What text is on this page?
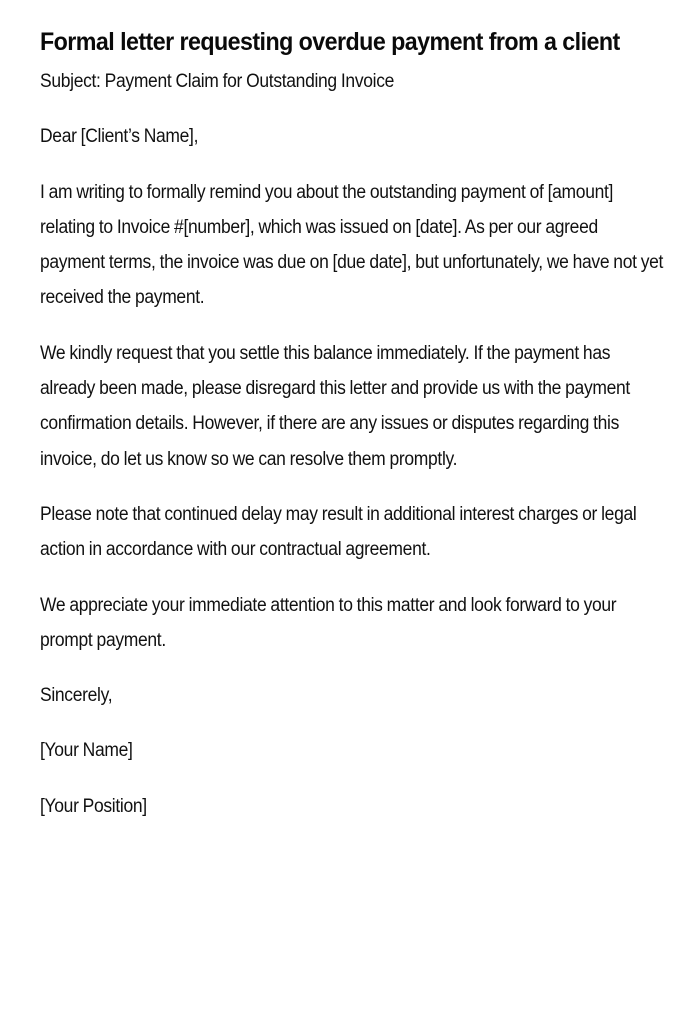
Formal letter requesting overdue payment from a client

Subject: Payment Claim for Outstanding Invoice

Dear [Client’s Name],

I am writing to formally remind you about the outstanding payment of [amount] relating to Invoice #[number], which was issued on [date]. As per our agreed payment terms, the invoice was due on [due date], but unfortunately, we have not yet received the payment.

We kindly request that you settle this balance immediately. If the payment has already been made, please disregard this letter and provide us with the payment confirmation details. However, if there are any issues or disputes regarding this invoice, do let us know so we can resolve them promptly.

Please note that continued delay may result in additional interest charges or legal action in accordance with our contractual agreement.

We appreciate your immediate attention to this matter and look forward to your prompt payment.

Sincerely,

[Your Name]

[Your Position]
